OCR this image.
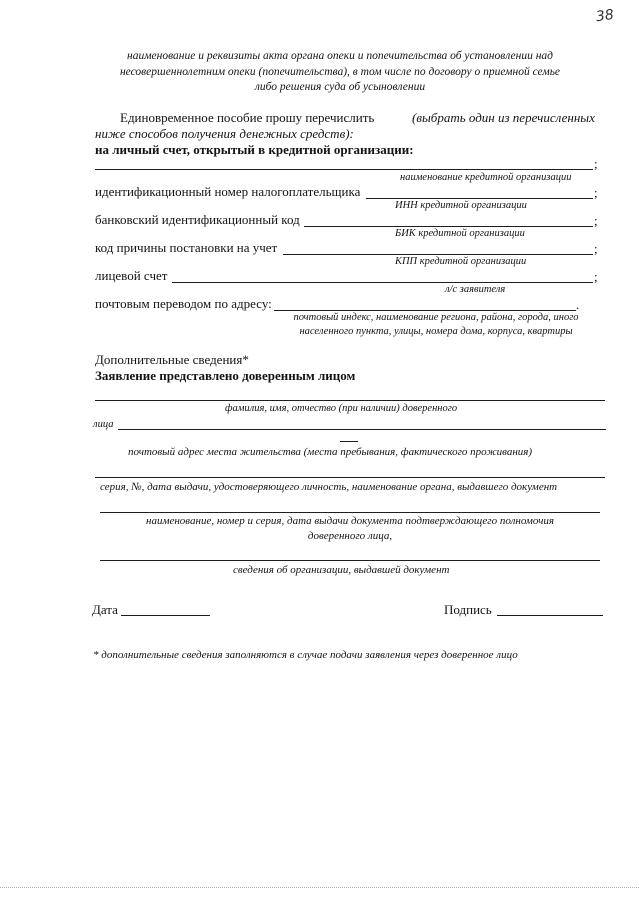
38
наименование и реквизиты акта органа опеки и попечительства об установлении над
несовершеннолетним опеки (попечительства), в том числе по договору о приемной семье
либо решения суда об усыновлении
Единовременное пособие прошу перечислить	(выбрать один из перечисленных
ниже способов получения денежных средств):
на личный счет, открытый в кредитной организации:
;
наименование кредитной организации
идентификационный номер налогоплательщика	;
ИНН кредитной организации
банковский идентификационный код	;
БИК кредитной организации
код причины постановки на учет	;
КПП кредитной организации
лицевой счет	;
л/с заявителя
почтовым переводом по адресу:	.
почтовый индекс, наименование региона, района, города, иного
населенного пункта, улицы, номера дома, корпуса, квартиры
Дополнительные сведения*
Заявление представлено доверенным лицом
фамилия, имя, отчество (при наличии) доверенного
лица
почтовый адрес места жительства (места пребывания, фактического проживания)
серия, №, дата выдачи, удостоверяющего личность, наименование органа, выдавшего документ
наименование, номер и серия, дата выдачи документа подтверждающего полномочия
доверенного лица,
сведения об организации, выдавшей документ
Дата	Подпись
* дополнительные сведения заполняются в случае подачи заявления через доверенное лицо
